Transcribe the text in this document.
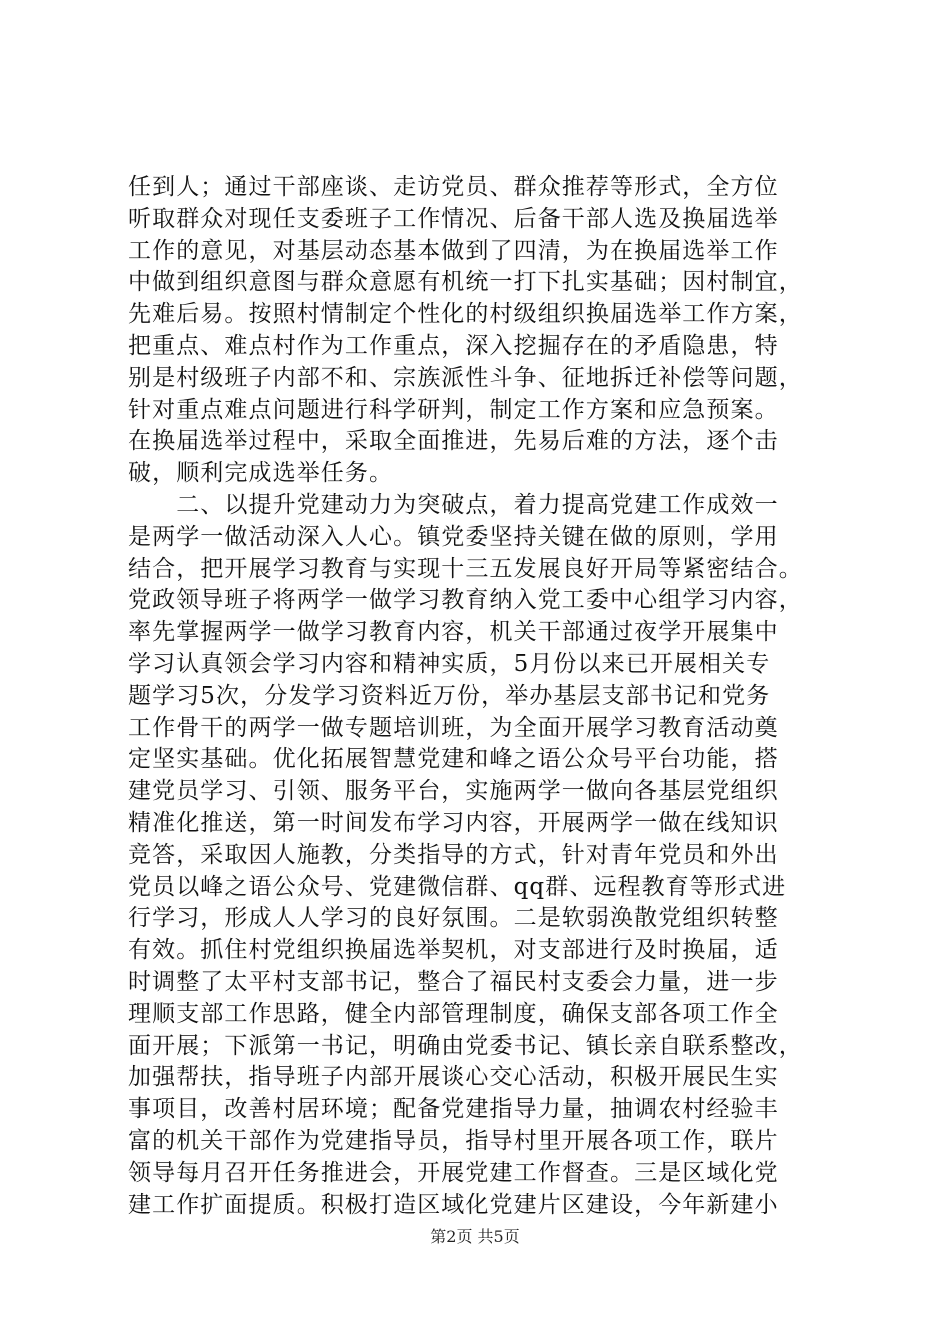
任到人；通过干部座谈、走访党员、群众推荐等形式，全方位
听取群众对现任支委班子工作情况、后备干部人选及换届选举
工作的意见，对基层动态基本做到了四清，为在换届选举工作
中做到组织意图与群众意愿有机统一打下扎实基础；因村制宜，
先难后易。按照村情制定个性化的村级组织换届选举工作方案，
把重点、难点村作为工作重点，深入挖掘存在的矛盾隐患，特
别是村级班子内部不和、宗族派性斗争、征地拆迁补偿等问题，
针对重点难点问题进行科学研判，制定工作方案和应急预案。
在换届选举过程中，采取全面推进，先易后难的方法，逐个击
破，顺利完成选举任务。
　　二、以提升党建动力为突破点，着力提高党建工作成效一
是两学一做活动深入人心。镇党委坚持关键在做的原则，学用
结合，把开展学习教育与实现十三五发展良好开局等紧密结合。
党政领导班子将两学一做学习教育纳入党工委中心组学习内容，
率先掌握两学一做学习教育内容，机关干部通过夜学开展集中
学习认真领会学习内容和精神实质，5月份以来已开展相关专
题学习5次，分发学习资料近万份，举办基层支部书记和党务
工作骨干的两学一做专题培训班，为全面开展学习教育活动奠
定坚实基础。优化拓展智慧党建和峰之语公众号平台功能，搭
建党员学习、引领、服务平台，实施两学一做向各基层党组织
精准化推送，第一时间发布学习内容，开展两学一做在线知识
竞答，采取因人施教，分类指导的方式，针对青年党员和外出
党员以峰之语公众号、党建微信群、qq群、远程教育等形式进
行学习，形成人人学习的良好氛围。二是软弱涣散党组织转整
有效。抓住村党组织换届选举契机，对支部进行及时换届，适
时调整了太平村支部书记，整合了福民村支委会力量，进一步
理顺支部工作思路，健全内部管理制度，确保支部各项工作全
面开展；下派第一书记，明确由党委书记、镇长亲自联系整改，
加强帮扶，指导班子内部开展谈心交心活动，积极开展民生实
事项目，改善村居环境；配备党建指导力量，抽调农村经验丰
富的机关干部作为党建指导员，指导村里开展各项工作，联片
领导每月召开任务推进会，开展党建工作督查。三是区域化党
建工作扩面提质。积极打造区域化党建片区建设，今年新建小
第2页 共5页
